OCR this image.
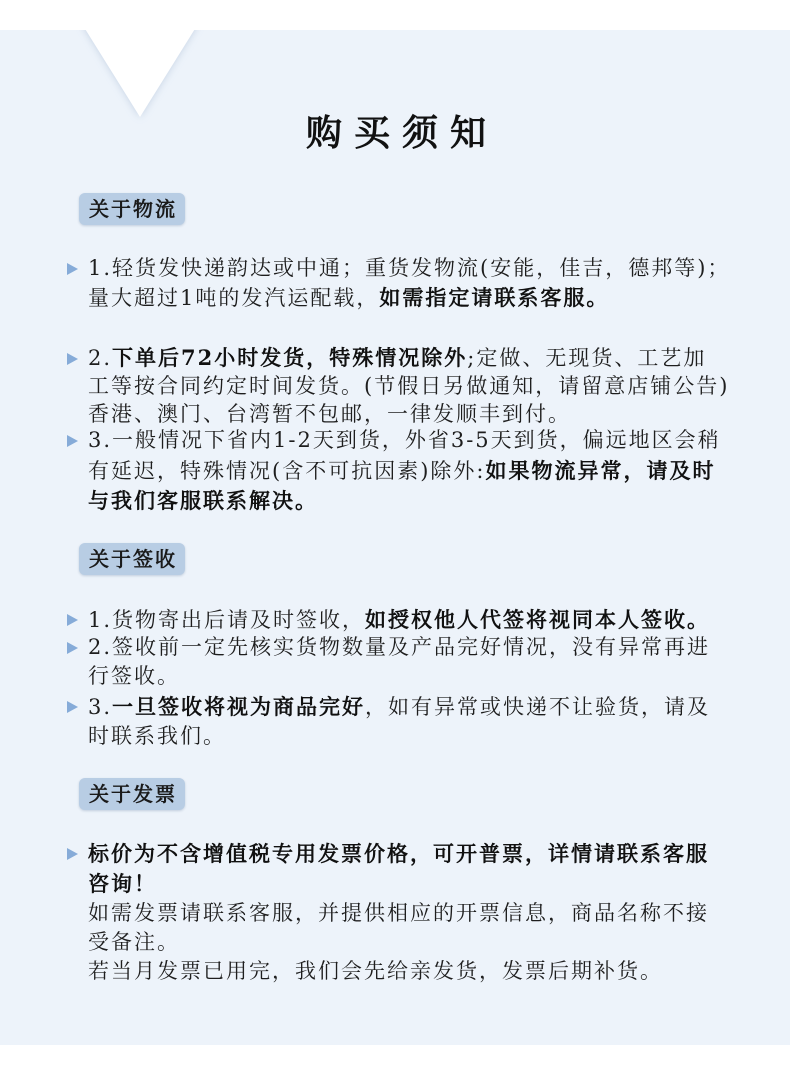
购买须知
关于物流
1.轻货发快递韵达或中通；重货发物流(安能，佳吉，德邦等)；
量大超过1吨的发汽运配载，如需指定请联系客服。
2.下单后72小时发货，特殊情况除外;定做、无现货、工艺加
工等按合同约定时间发货。(节假日另做通知，请留意店铺公告)
香港、澳门、台湾暂不包邮，一律发顺丰到付。
3.一般情况下省内1-2天到货，外省3-5天到货，偏远地区会稍
有延迟，特殊情况(含不可抗因素)除外:如果物流异常，请及时
与我们客服联系解决。
关于签收
1.货物寄出后请及时签收，如授权他人代签将视同本人签收。
2.签收前一定先核实货物数量及产品完好情况，没有异常再进
行签收。
3.一旦签收将视为商品完好，如有异常或快递不让验货，请及
时联系我们。
关于发票
标价为不含增值税专用发票价格，可开普票，详情请联系客服
咨询！
如需发票请联系客服，并提供相应的开票信息，商品名称不接
受备注。
若当月发票已用完，我们会先给亲发货，发票后期补货。
